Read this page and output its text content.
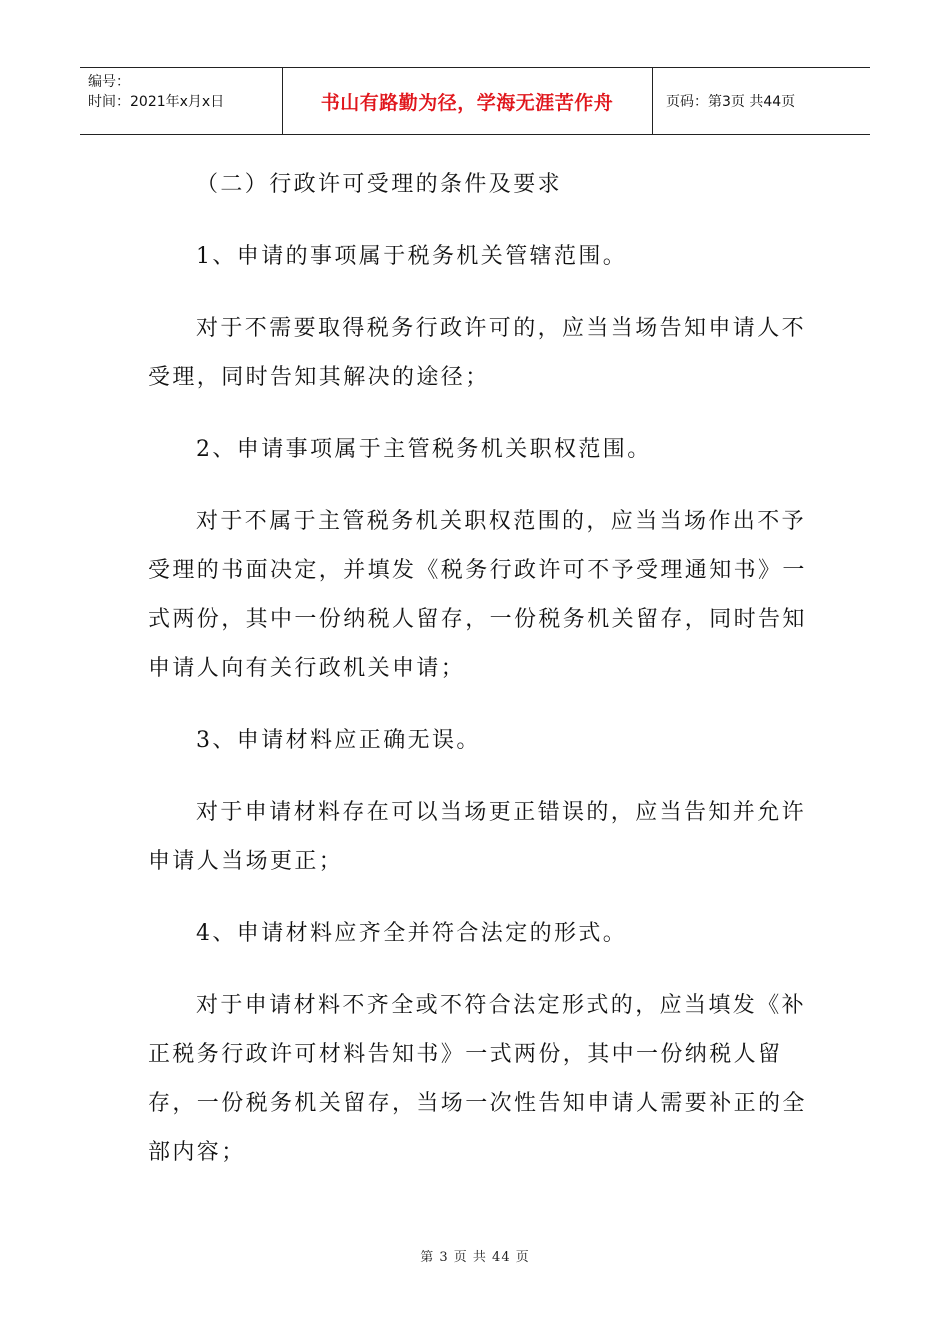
编号：
时间：2021年x月x日	书山有路勤为径，学海无涯苦作舟	页码：第3页 共44页

（二）行政许可受理的条件及要求

1、申请的事项属于税务机关管辖范围。

对于不需要取得税务行政许可的，应当当场告知申请人不受理，同时告知其解决的途径；

2、申请事项属于主管税务机关职权范围。

对于不属于主管税务机关职权范围的，应当当场作出不予受理的书面决定，并填发《税务行政许可不予受理通知书》一式两份，其中一份纳税人留存，一份税务机关留存，同时告知申请人向有关行政机关申请；

3、申请材料应正确无误。

对于申请材料存在可以当场更正错误的，应当告知并允许申请人当场更正；

4、申请材料应齐全并符合法定的形式。

对于申请材料不齐全或不符合法定形式的，应当填发《补正税务行政许可材料告知书》一式两份，其中一份纳税人留存，一份税务机关留存，当场一次性告知申请人需要补正的全部内容；

第 3 页 共 44 页
